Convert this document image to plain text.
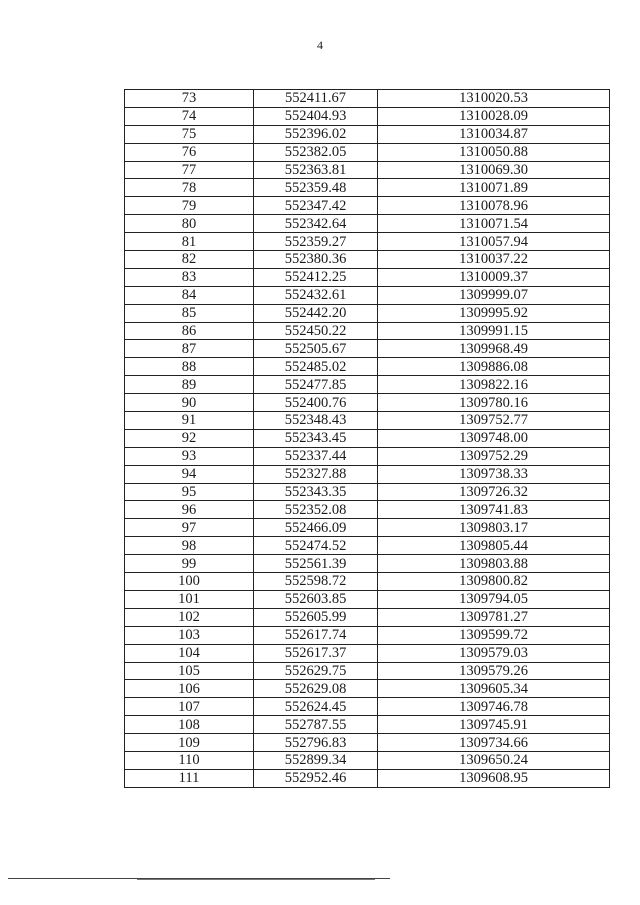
4
73	552411.67	1310020.53
74	552404.93	1310028.09
75	552396.02	1310034.87
76	552382.05	1310050.88
77	552363.81	1310069.30
78	552359.48	1310071.89
79	552347.42	1310078.96
80	552342.64	1310071.54
81	552359.27	1310057.94
82	552380.36	1310037.22
83	552412.25	1310009.37
84	552432.61	1309999.07
85	552442.20	1309995.92
86	552450.22	1309991.15
87	552505.67	1309968.49
88	552485.02	1309886.08
89	552477.85	1309822.16
90	552400.76	1309780.16
91	552348.43	1309752.77
92	552343.45	1309748.00
93	552337.44	1309752.29
94	552327.88	1309738.33
95	552343.35	1309726.32
96	552352.08	1309741.83
97	552466.09	1309803.17
98	552474.52	1309805.44
99	552561.39	1309803.88
100	552598.72	1309800.82
101	552603.85	1309794.05
102	552605.99	1309781.27
103	552617.74	1309599.72
104	552617.37	1309579.03
105	552629.75	1309579.26
106	552629.08	1309605.34
107	552624.45	1309746.78
108	552787.55	1309745.91
109	552796.83	1309734.66
110	552899.34	1309650.24
111	552952.46	1309608.95
